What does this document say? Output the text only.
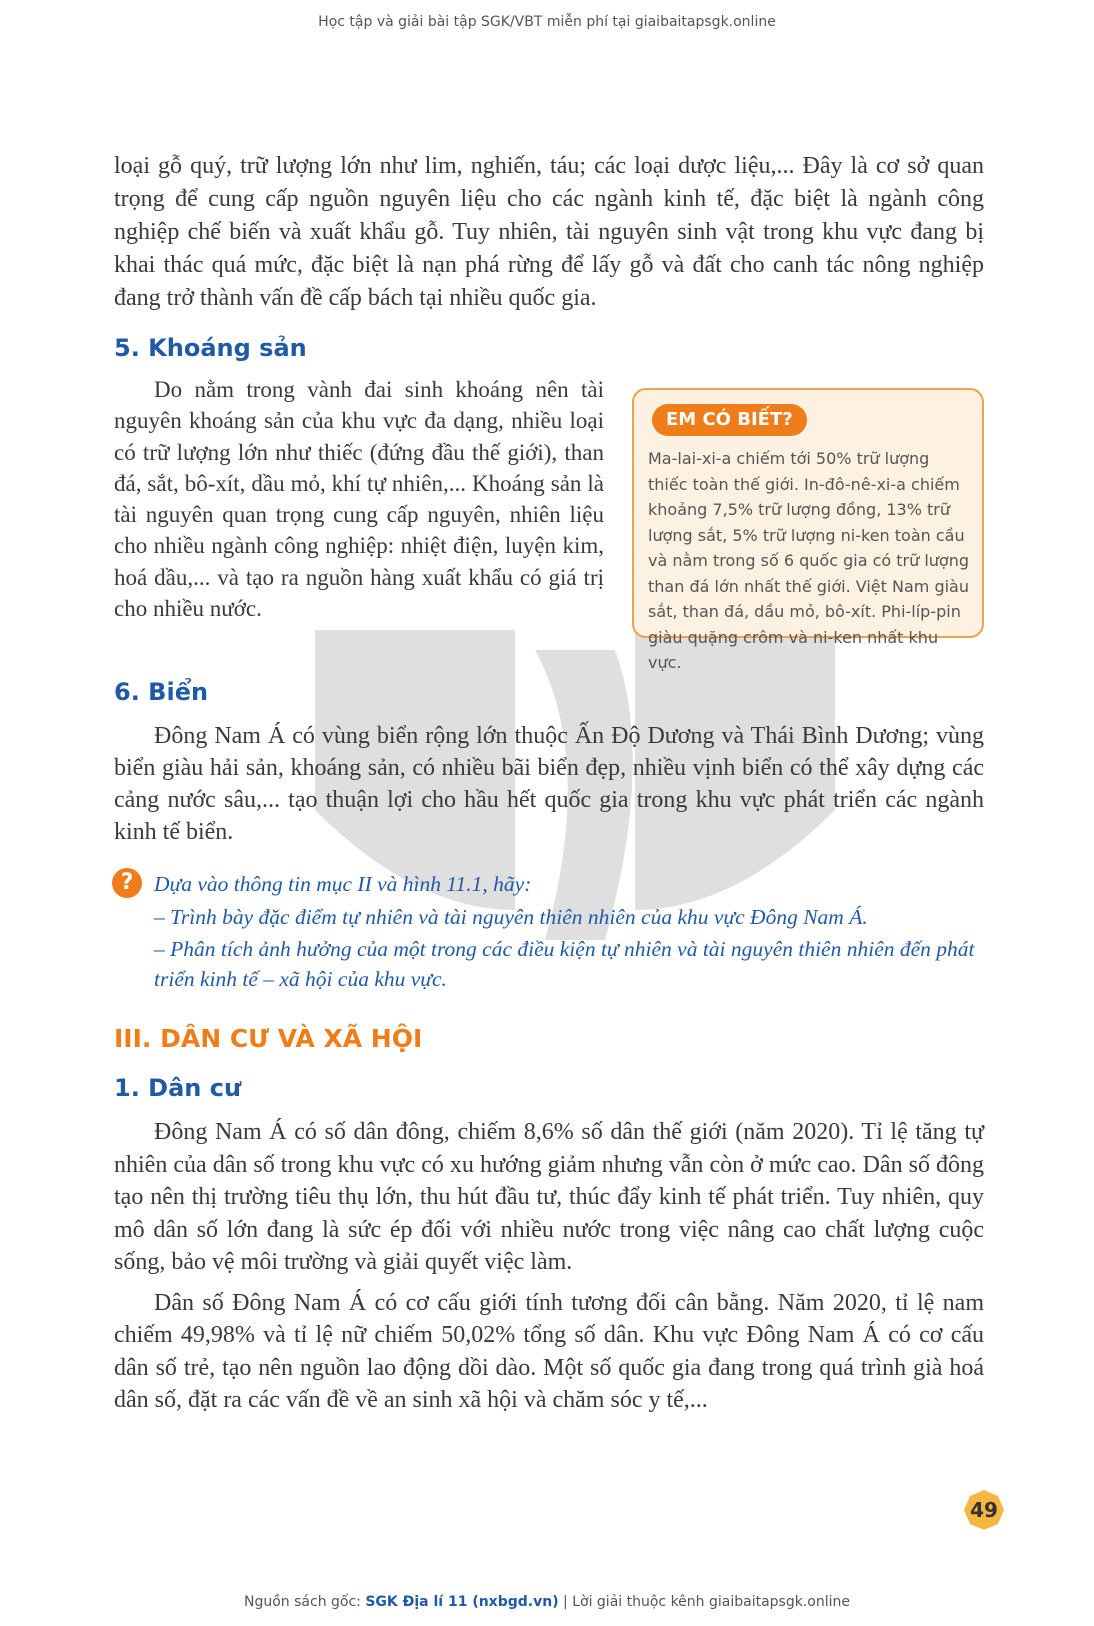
Học tập và giải bài tập SGK/VBT miễn phí tại giaibaitapsgk.online

loại gỗ quý, trữ lượng lớn như lim, nghiến, táu; các loại dược liệu,... Đây là cơ sở quan trọng để cung cấp nguồn nguyên liệu cho các ngành kinh tế, đặc biệt là ngành công nghiệp chế biến và xuất khẩu gỗ. Tuy nhiên, tài nguyên sinh vật trong khu vực đang bị khai thác quá mức, đặc biệt là nạn phá rừng để lấy gỗ và đất cho canh tác nông nghiệp đang trở thành vấn đề cấp bách tại nhiều quốc gia.

5. Khoáng sản

Do nằm trong vành đai sinh khoáng nên tài nguyên khoáng sản của khu vực đa dạng, nhiều loại có trữ lượng lớn như thiếc (đứng đầu thế giới), than đá, sắt, bô-xít, dầu mỏ, khí tự nhiên,... Khoáng sản là tài nguyên quan trọng cung cấp nguyên, nhiên liệu cho nhiều ngành công nghiệp: nhiệt điện, luyện kim, hoá dầu,... và tạo ra nguồn hàng xuất khẩu có giá trị cho nhiều nước.

EM CÓ BIẾT?
Ma-lai-xi-a chiếm tới 50% trữ lượng thiếc toàn thế giới. In-đô-nê-xi-a chiếm khoảng 7,5% trữ lượng đồng, 13% trữ lượng sắt, 5% trữ lượng ni-ken toàn cầu và nằm trong số 6 quốc gia có trữ lượng than đá lớn nhất thế giới. Việt Nam giàu sắt, than đá, dầu mỏ, bô-xít. Phi-líp-pin giàu quặng crôm và ni-ken nhất khu vực.
6. Biển

Đông Nam Á có vùng biển rộng lớn thuộc Ấn Độ Dương và Thái Bình Dương; vùng biển giàu hải sản, khoáng sản, có nhiều bãi biển đẹp, nhiều vịnh biển có thể xây dựng các cảng nước sâu,... tạo thuận lợi cho hầu hết quốc gia trong khu vực phát triển các ngành kinh tế biển.

? Dựa vào thông tin mục II và hình 11.1, hãy:

– Trình bày đặc điểm tự nhiên và tài nguyên thiên nhiên của khu vực Đông Nam Á.

– Phân tích ảnh hưởng của một trong các điều kiện tự nhiên và tài nguyên thiên nhiên đến phát triển kinh tế – xã hội của khu vực.

III. DÂN CƯ VÀ XÃ HỘI
1. Dân cư

Đông Nam Á có số dân đông, chiếm 8,6% số dân thế giới (năm 2020). Tỉ lệ tăng tự nhiên của dân số trong khu vực có xu hướng giảm nhưng vẫn còn ở mức cao. Dân số đông tạo nên thị trường tiêu thụ lớn, thu hút đầu tư, thúc đẩy kinh tế phát triển. Tuy nhiên, quy mô dân số lớn đang là sức ép đối với nhiều nước trong việc nâng cao chất lượng cuộc sống, bảo vệ môi trường và giải quyết việc làm.

Dân số Đông Nam Á có cơ cấu giới tính tương đối cân bằng. Năm 2020, tỉ lệ nam chiếm 49,98% và tỉ lệ nữ chiếm 50,02% tổng số dân. Khu vực Đông Nam Á có cơ cấu dân số trẻ, tạo nên nguồn lao động dồi dào. Một số quốc gia đang trong quá trình già hoá dân số, đặt ra các vấn đề về an sinh xã hội và chăm sóc y tế,...

49
Nguồn sách gốc: SGK Địa lí 11 (nxbgd.vn) | Lời giải thuộc kênh giaibaitapsgk.online
